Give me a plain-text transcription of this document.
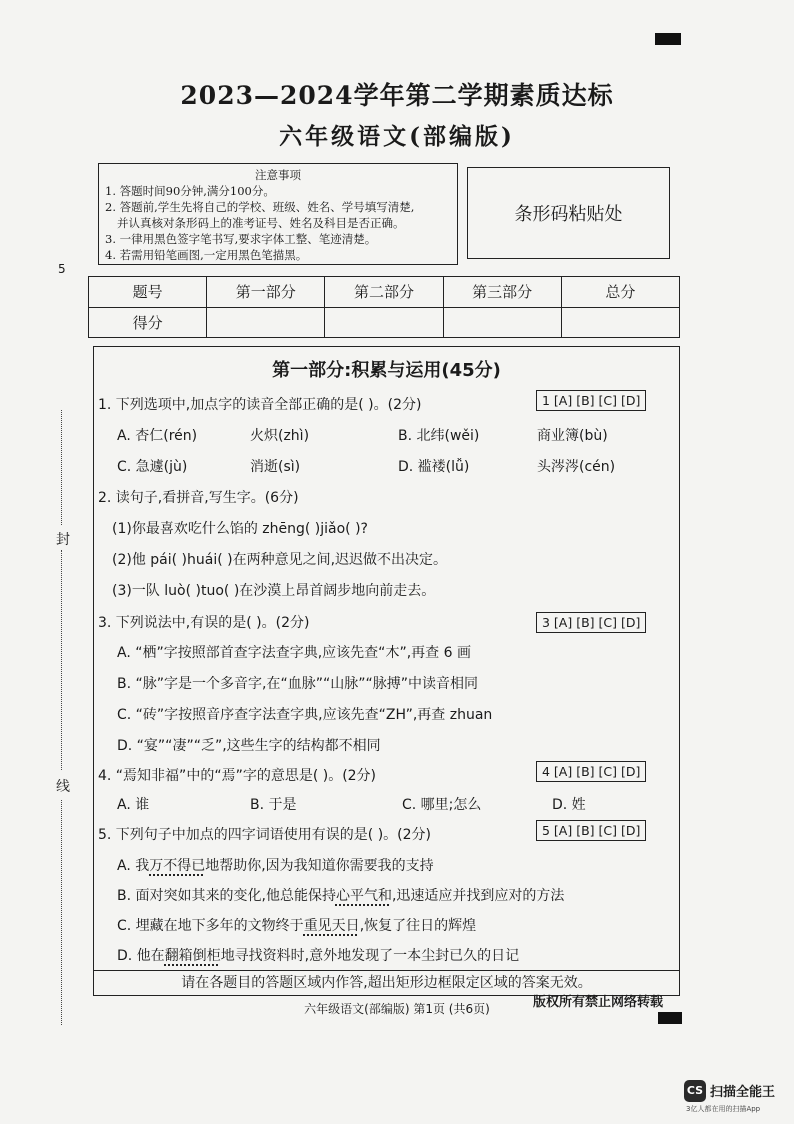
5
封
线
2023—2024学年第二学期素质达标
六年级语文(部编版)
注意事项
1. 答题时间90分钟,满分100分。
2. 答题前,学生先将自己的学校、班级、姓名、学号填写清楚,
并认真核对条形码上的准考证号、姓名及科目是否正确。
3. 一律用黑色签字笔书写,要求字体工整、笔迹清楚。
4. 若需用铅笔画图,一定用黑色笔描黑。
条形码粘贴处
题号	第一部分	第二部分	第三部分	总分
得分				
第一部分:积累与运用(45分)
1. 下列选项中,加点字的读音全部正确的是( )。(2分)	1 [A] [B] [C] [D]
A. 杏仁(rén)	火炽(zhì)	B. 北纬(wěi)	商业簿(bù)
C. 急遽(jù)	消逝(sì)	D. 褴褛(lǚ)	头涔涔(cén)
2. 读句子,看拼音,写生字。(6分)
(1)你最喜欢吃什么馅的 zhēng( )jiǎo( )?
(2)他 pái( )huái( )在两种意见之间,迟迟做不出决定。
(3)一队 luò( )tuo( )在沙漠上昂首阔步地向前走去。
3. 下列说法中,有误的是( )。(2分)	3 [A] [B] [C] [D]
A. “栖”字按照部首查字法查字典,应该先查“木”,再查 6 画
B. “脉”字是一个多音字,在“血脉”“山脉”“脉搏”中读音相同
C. “砖”字按照音序查字法查字典,应该先查“ZH”,再查 zhuan
D. “宴”“凄”“乏”,这些生字的结构都不相同
4. “焉知非福”中的“焉”字的意思是( )。(2分)	4 [A] [B] [C] [D]
A. 谁	B. 于是	C. 哪里;怎么	D. 姓
5. 下列句子中加点的四字词语使用有误的是( )。(2分)	5 [A] [B] [C] [D]
A. 我万不得已地帮助你,因为我知道你需要我的支持
B. 面对突如其来的变化,他总能保持心平气和,迅速适应并找到应对的方法
C. 埋藏在地下多年的文物终于重见天日,恢复了往日的辉煌
D. 他在翻箱倒柜地寻找资料时,意外地发现了一本尘封已久的日记
请在各题目的答题区域内作答,超出矩形边框限定区域的答案无效。
六年级语文(部编版) 第1页 (共6页)	版权所有禁止网络转载
CS 扫描全能王
3亿人都在用的扫描App
